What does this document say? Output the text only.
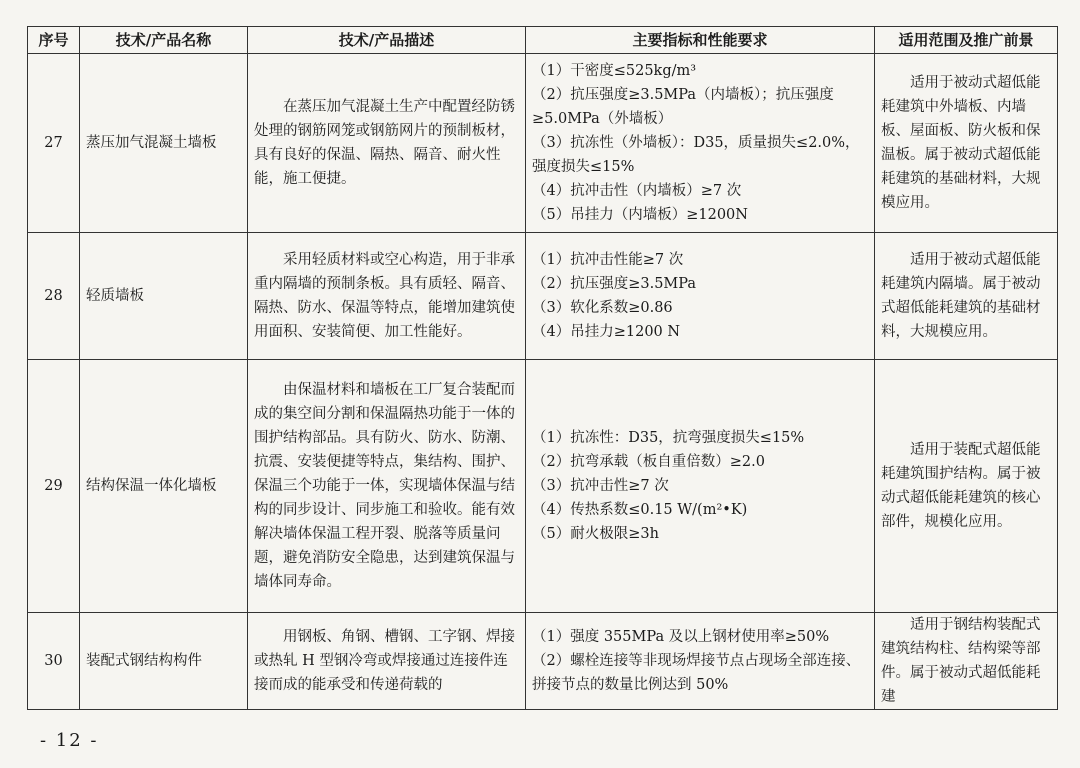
序号	技术/产品名称	技术/产品描述	主要指标和性能要求	适用范围及推广前景
27	蒸压加气混凝土墙板	在蒸压加气混凝土生产中配置经防锈处理的钢筋网笼或钢筋网片的预制板材，具有良好的保温、隔热、隔音、耐火性能，施工便捷。	（1）干密度≤525kg/m³
（2）抗压强度≥3.5MPa（内墙板）；抗压强度≥5.0MPa（外墙板）
（3）抗冻性（外墙板）：D35，质量损失≤2.0%，强度损失≤15%
（4）抗冲击性（内墙板）≥7 次
（5）吊挂力（内墙板）≥1200N	适用于被动式超低能耗建筑中外墙板、内墙板、屋面板、防火板和保温板。属于被动式超低能耗建筑的基础材料，大规模应用。

28	轻质墙板	采用轻质材料或空心构造，用于非承重内隔墙的预制条板。具有质轻、隔音、隔热、防水、保温等特点，能增加建筑使用面积、安装简便、加工性能好。	（1）抗冲击性能≥7 次
（2）抗压强度≥3.5MPa
（3）软化系数≥0.86
（4）吊挂力≥1200 N	适用于被动式超低能耗建筑内隔墙。属于被动式超低能耗建筑的基础材料，大规模应用。

29	结构保温一体化墙板	由保温材料和墙板在工厂复合装配而成的集空间分割和保温隔热功能于一体的围护结构部品。具有防火、防水、防潮、抗震、安装便捷等特点，集结构、围护、保温三个功能于一体，实现墙体保温与结构的同步设计、同步施工和验收。能有效解决墙体保温工程开裂、脱落等质量问题，避免消防安全隐患，达到建筑保温与墙体同寿命。	（1）抗冻性：D35，抗弯强度损失≤15%
（2）抗弯承载（板自重倍数）≥2.0
（3）抗冲击性≥7 次
（4）传热系数≤0.15 W/(m²•K)
（5）耐火极限≥3h	适用于装配式超低能耗建筑围护结构。属于被动式超低能耗建筑的核心部件，规模化应用。

30	装配式钢结构构件	用钢板、角钢、槽钢、工字钢、焊接或热轧 H 型钢冷弯或焊接通过连接件连接而成的能承受和传递荷载的	（1）强度 355MPa 及以上钢材使用率≥50%
（2）螺栓连接等非现场焊接节点占现场全部连接、拼接节点的数量比例达到 50%	适用于钢结构装配式建筑结构柱、结构梁等部件。属于被动式超低能耗建

- 12 -
